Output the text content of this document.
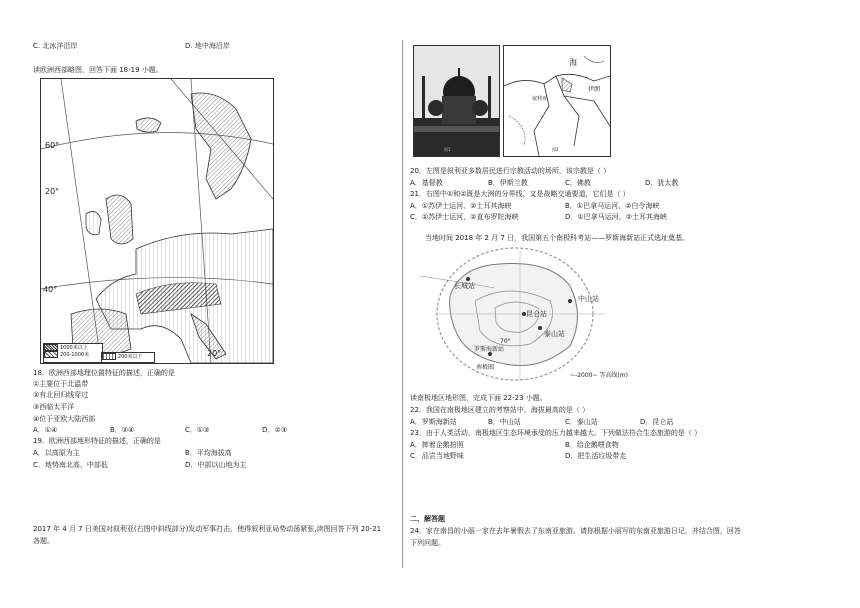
C. 北冰洋沿岸	D. 地中海沿岸
读欧洲西部略图，回答下面 18-19 小题。
60°
20°
40°
20°
1000米以上
200-1000米	200米以下
18．欧洲西部地理位置特征的描述，正确的是
①主要位于北温带
②有北回归线穿过
③西临太平洋
④位于亚欧大陆西部
A．①④	B．②④	C．①③	D．②③
19．欧洲西部地形特征的描述，正确的是
A．以高原为主	B．平均海拔高
C．地势南北高、中部低	D．中部以山地为主
2017 年 4 月 7 日美国对叙利亚(右图中斜线部分)发动军事打击，使得叙利亚局势动荡紧张,读图回答下列 20-21
各题。
图1
海
叙利亚
伊朗
图2
20．左图是叙利亚多数居民进行宗教活动的场所，该宗教是（ ）
A．基督教	B．伊斯兰教	C．佛教	D．犹太教
21．右图中①和②既是大洲的分界线，又是战略交通要道，它们是（ ）
A．①苏伊士运河、②土耳其海峡	B．①巴拿马运河、②白令海峡
C．①苏伊士运河、②直布罗陀海峡	D．①巴拿马运河、②土耳其海峡
当地时间 2018 年 2 月 7 日，我国第五个南极科考站——罗斯海新站正式选址奠基。
长城站
中山站
昆仑站
泰山站
罗斯海新站
南极圈
70°
~-2000~ 等高线(m)
读南极地区地形图，完成下面 22-23 小题。
22．我国在南极地区建立的考察站中，海拔最高的是（ ）
A．罗斯海新站	B．中山站	C．泰山站	D．昆仑站
23．由于人类活动，南极地区生态环境承受的压力越来越大。下列做法符合生态旅游的是（ ）
A．摔着企鹅拍照	B．给企鹅喂食物
C．品尝当地野味	D．把生活垃圾带走
二、解答题
24．家在南昌的小丽一家在去年暑假去了东南亚旅游。请你根据小丽写的东南亚旅游日记，并结合图，回答
下列问题。
